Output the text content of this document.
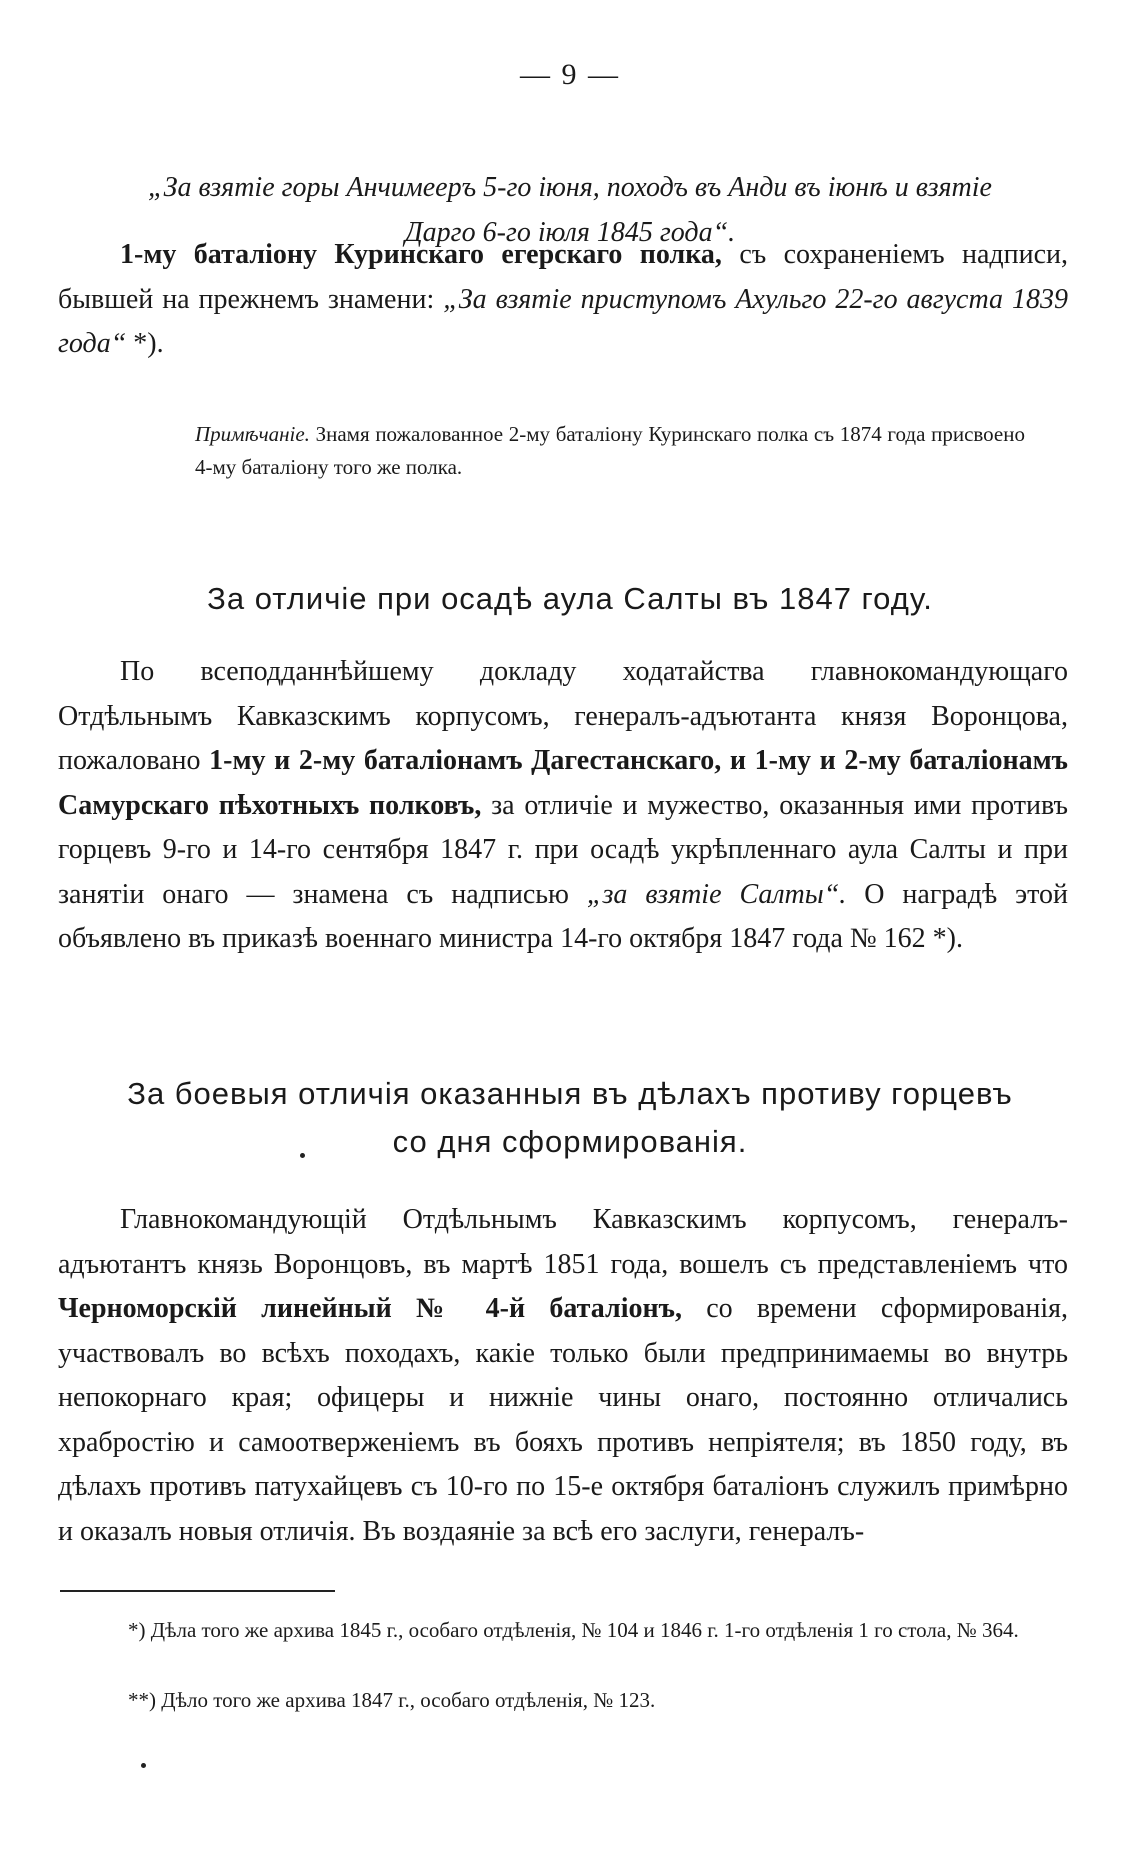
— 9 —
„За взятіе горы Анчимееръ 5-го іюня, походъ въ Анди въ іюнѣ и взятіе
Дарго 6-го іюля 1845 года“.

1-му баталіону Куринскаго егерскаго полка, съ сохраненіемъ надписи, бывшей на прежнемъ знамени: „За взятіе приступомъ Ахульго 22-го августа 1839 года“ *).

Примѣчаніе. Знамя пожалованное 2-му баталіону Куринскаго полка съ 1874 года присвоено 4-му баталіону того же полка.

За отличіе при осадѣ аула Салты въ 1847 году.

По всеподданнѣйшему докладу ходатайства главнокомандующаго Отдѣльнымъ Кавказскимъ корпусомъ, генералъ-адъютанта князя Воронцова, пожаловано 1-му и 2-му баталіонамъ Дагестанскаго, и 1-му и 2-му баталіонамъ Самурскаго пѣхотныхъ полковъ, за отличіе и мужество, оказанныя ими противъ горцевъ 9-го и 14-го сентября 1847 г. при осадѣ укрѣпленнаго аула Салты и при занятіи онаго — знамена съ надписью „за взятіе Салты“. О наградѣ этой объявлено въ приказѣ военнаго министра 14-го октября 1847 года № 162 *).

За боевыя отличія оказанныя въ дѣлахъ противу горцевъ
со дня сформированія.

Главнокомандующій Отдѣльнымъ Кавказскимъ корпусомъ, генералъ-адъютантъ князь Воронцовъ, въ мартѣ 1851 года, вошелъ съ представленіемъ что Черноморскій линейный № 4-й баталіонъ, со времени сформированія, участвовалъ во всѣхъ походахъ, какіе только были предпринимаемы во внутрь непокорнаго края; офицеры и нижніе чины онаго, постоянно отличались храбростію и самоотверженіемъ въ бояхъ противъ непріятеля; въ 1850 году, въ дѣлахъ противъ патухайцевъ съ 10-го по 15-е октября баталіонъ служилъ примѣрно и оказалъ новыя отличія. Въ воздаяніе за всѣ его заслуги, генералъ-

*) Дѣла того же архива 1845 г., особаго отдѣленія, № 104 и 1846 г. 1-го отдѣленія 1 го стола, № 364.

**) Дѣло того же архива 1847 г., особаго отдѣленія, № 123.
